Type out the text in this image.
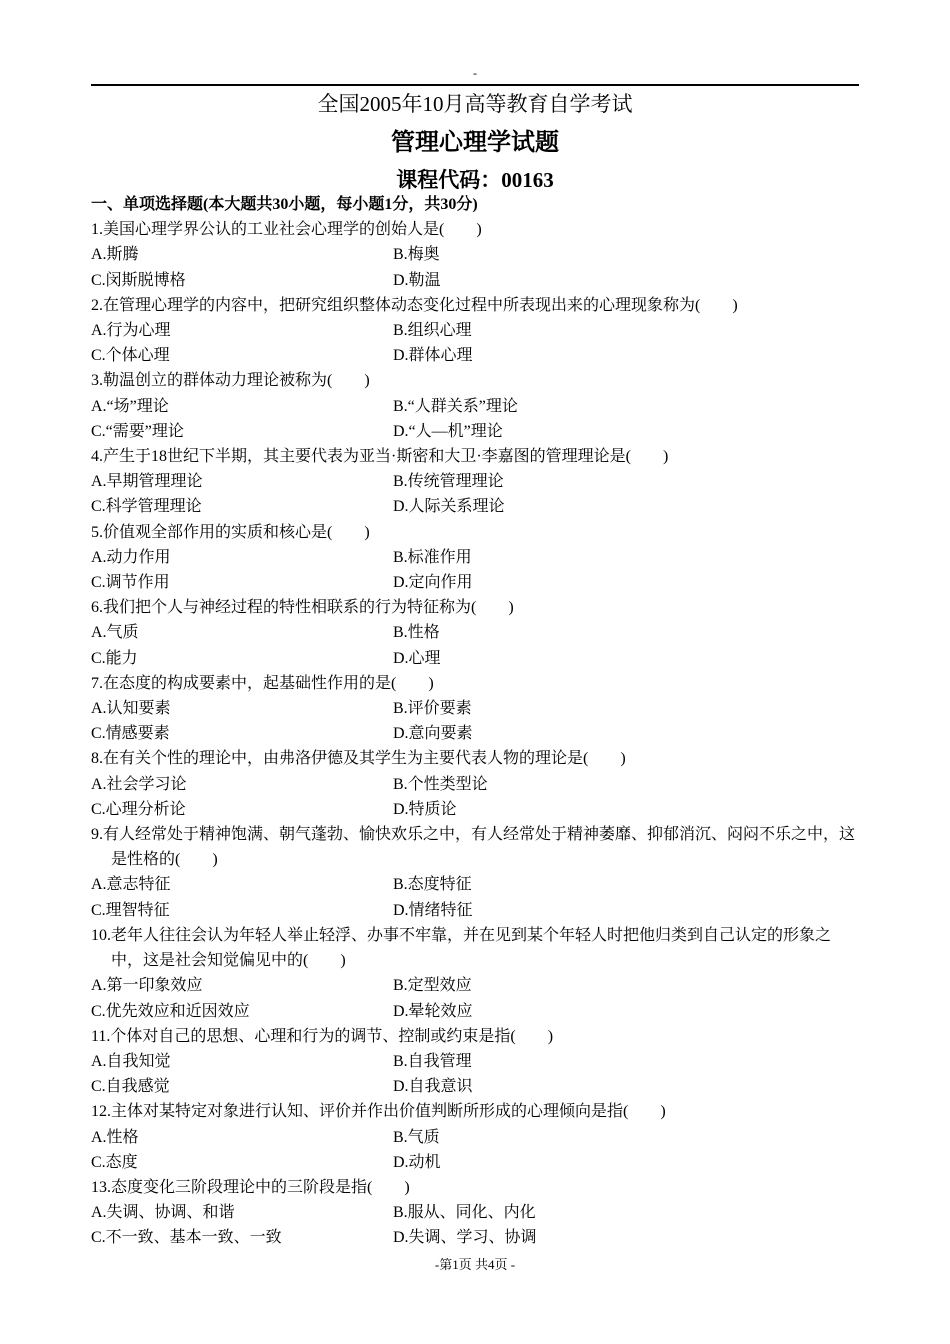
-
全国2005年10月高等教育自学考试
管理心理学试题
课程代码：00163
一、单项选择题(本大题共30小题，每小题1分，共30分)
1.美国心理学界公认的工业社会心理学的创始人是(　　)
A.斯腾	B.梅奥
C.闵斯脱博格	D.勒温
2.在管理心理学的内容中，把研究组织整体动态变化过程中所表现出来的心理现象称为(　　)
A.行为心理	B.组织心理
C.个体心理	D.群体心理
3.勒温创立的群体动力理论被称为(　　)
A.“场”理论	B.“人群关系”理论
C.“需要”理论	D.“人—机”理论
4.产生于18世纪下半期，其主要代表为亚当·斯密和大卫·李嘉图的管理理论是(　　)
A.早期管理理论	B.传统管理理论
C.科学管理理论	D.人际关系理论
5.价值观全部作用的实质和核心是(　　)
A.动力作用	B.标准作用
C.调节作用	D.定向作用
6.我们把个人与神经过程的特性相联系的行为特征称为(　　)
A.气质	B.性格
C.能力	D.心理
7.在态度的构成要素中，起基础性作用的是(　　)
A.认知要素	B.评价要素
C.情感要素	D.意向要素
8.在有关个性的理论中，由弗洛伊德及其学生为主要代表人物的理论是(　　)
A.社会学习论	B.个性类型论
C.心理分析论	D.特质论
9.有人经常处于精神饱满、朝气蓬勃、愉快欢乐之中，有人经常处于精神萎靡、抑郁消沉、闷闷不乐之中，这是性格的(　　)
A.意志特征	B.态度特征
C.理智特征	D.情绪特征
10.老年人往往会认为年轻人举止轻浮、办事不牢靠，并在见到某个年轻人时把他归类到自己认定的形象之中，这是社会知觉偏见中的(　　)
A.第一印象效应	B.定型效应
C.优先效应和近因效应	D.晕轮效应
11.个体对自己的思想、心理和行为的调节、控制或约束是指(　　)
A.自我知觉	B.自我管理
C.自我感觉	D.自我意识
12.主体对某特定对象进行认知、评价并作出价值判断所形成的心理倾向是指(　　)
A.性格	B.气质
C.态度	D.动机
13.态度变化三阶段理论中的三阶段是指(　　)
A.失调、协调、和谐	B.服从、同化、内化
C.不一致、基本一致、一致	D.失调、学习、协调
-第1页 共4页 -
